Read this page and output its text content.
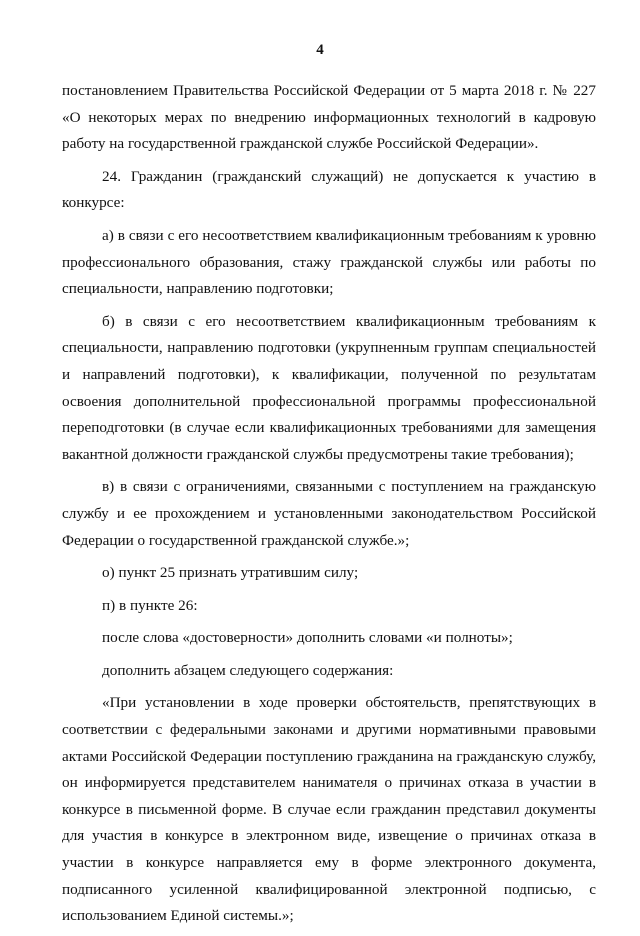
4

постановлением Правительства Российской Федерации от 5 марта 2018 г. № 227 «О некоторых мерах по внедрению информационных технологий в кадровую работу на государственной гражданской службе Российской Федерации».

24. Гражданин (гражданский служащий) не допускается к участию в конкурсе:

а) в связи с его несоответствием квалификационным требованиям к уровню профессионального образования, стажу гражданской службы или работы по специальности, направлению подготовки;

б) в связи с его несоответствием квалификационным требованиям к специальности, направлению подготовки (укрупненным группам специальностей и направлений подготовки), к квалификации, полученной по результатам освоения дополнительной профессиональной программы профессиональной переподготовки (в случае если квалификационных требованиями для замещения вакантной должности гражданской службы предусмотрены такие требования);

в) в связи с ограничениями, связанными с поступлением на гражданскую службу и ее прохождением и установленными законодательством Российской Федерации о государственной гражданской службе.»;

о) пункт 25 признать утратившим силу;

п) в пункте 26:

после слова «достоверности» дополнить словами «и полноты»;

дополнить абзацем следующего содержания:

«При установлении в ходе проверки обстоятельств, препятствующих в соответствии с федеральными законами и другими нормативными правовыми актами Российской Федерации поступлению гражданина на гражданскую службу, он информируется представителем нанимателя о причинах отказа в участии в конкурсе в письменной форме. В случае если гражданин представил документы для участия в конкурсе в электронном виде, извещение о причинах отказа в участии в конкурсе направляется ему в форме электронного документа, подписанного усиленной квалифицированной электронной подписью, с использованием Единой системы.»;
